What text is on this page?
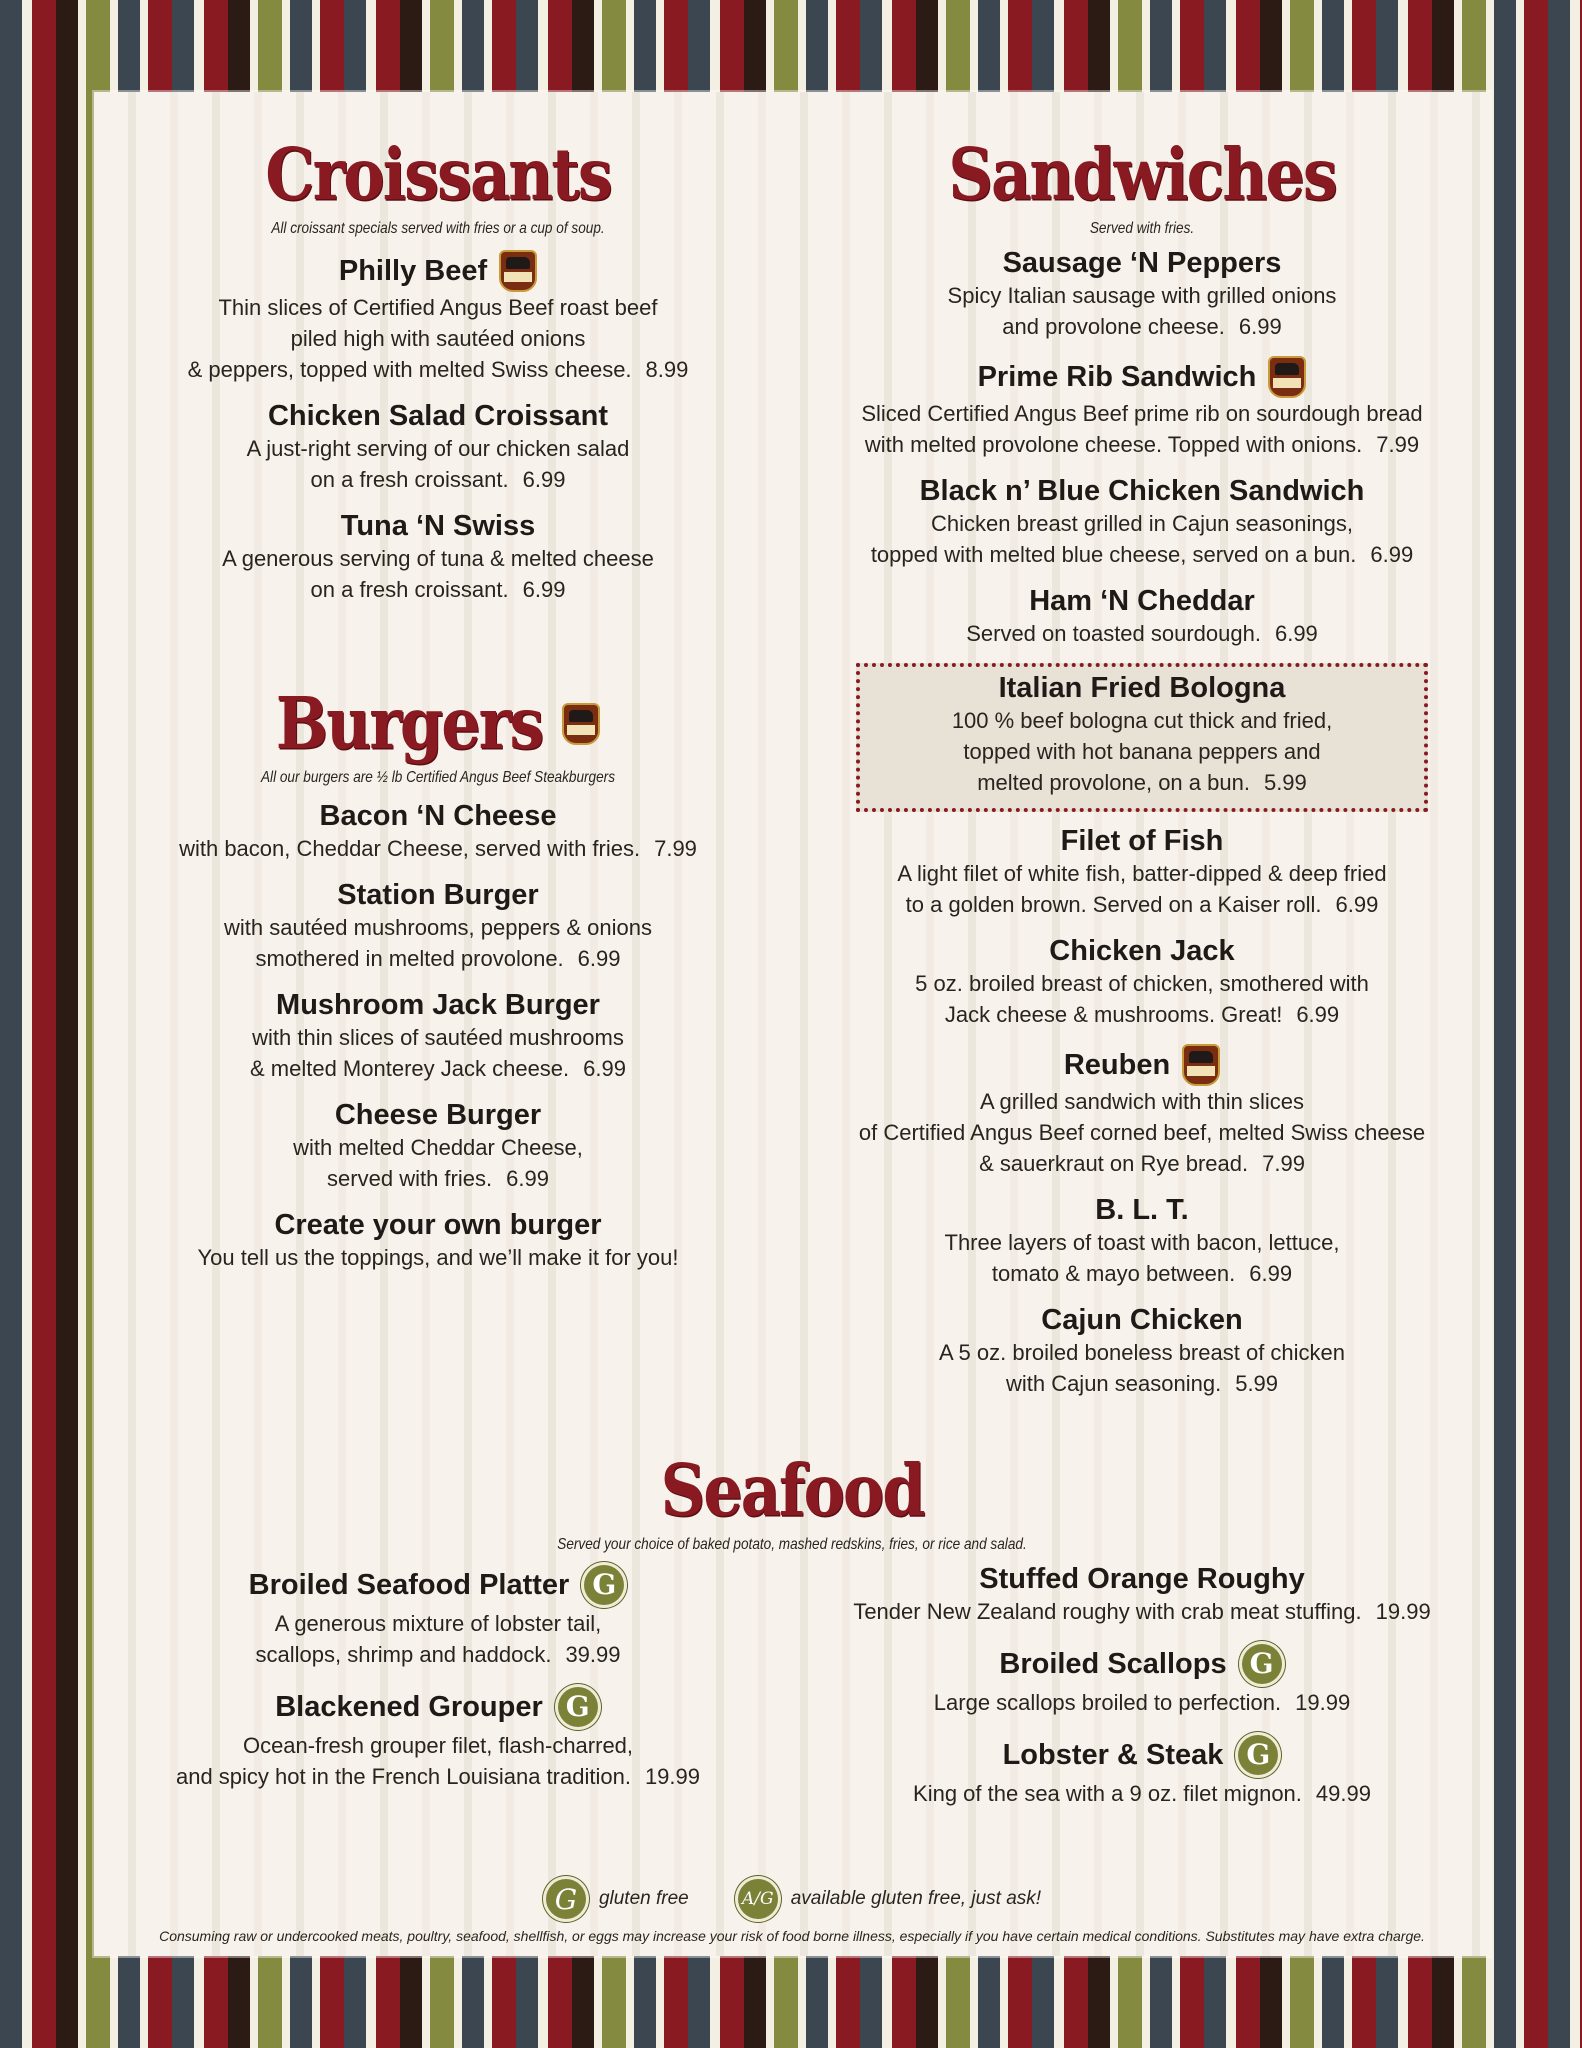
Croissants
All croissant specials served with fries or a cup of soup.
Philly Beef
Thin slices of Certified Angus Beef roast beef
piled high with sautéed onions
& peppers, topped with melted Swiss cheese. 8.99
Chicken Salad Croissant
A just-right serving of our chicken salad
on a fresh croissant. 6.99
Tuna ‘N Swiss
A generous serving of tuna & melted cheese
on a fresh croissant. 6.99
Burgers
All our burgers are ½ lb Certified Angus Beef Steakburgers
Bacon ‘N Cheese
with bacon, Cheddar Cheese, served with fries. 7.99
Station Burger
with sautéed mushrooms, peppers & onions
smothered in melted provolone. 6.99
Mushroom Jack Burger
with thin slices of sautéed mushrooms
& melted Monterey Jack cheese. 6.99
Cheese Burger
with melted Cheddar Cheese,
served with fries. 6.99
Create your own burger
You tell us the toppings, and we’ll make it for you!
Sandwiches
Served with fries.
Sausage ‘N Peppers
Spicy Italian sausage with grilled onions
and provolone cheese. 6.99
Prime Rib Sandwich
Sliced Certified Angus Beef prime rib on sourdough bread
with melted provolone cheese. Topped with onions. 7.99
Black n’ Blue Chicken Sandwich
Chicken breast grilled in Cajun seasonings,
topped with melted blue cheese, served on a bun. 6.99
Ham ‘N Cheddar
Served on toasted sourdough. 6.99
Italian Fried Bologna
100 % beef bologna cut thick and fried,
topped with hot banana peppers and
melted provolone, on a bun. 5.99
Filet of Fish
A light filet of white fish, batter-dipped & deep fried
to a golden brown. Served on a Kaiser roll. 6.99
Chicken Jack
5 oz. broiled breast of chicken, smothered with
Jack cheese & mushrooms. Great! 6.99
Reuben
A grilled sandwich with thin slices
of Certified Angus Beef corned beef, melted Swiss cheese
& sauerkraut on Rye bread. 7.99
B. L. T.
Three layers of toast with bacon, lettuce,
tomato & mayo between. 6.99
Cajun Chicken
A 5 oz. broiled boneless breast of chicken
with Cajun seasoning. 5.99
Seafood
Served your choice of baked potato, mashed redskins, fries, or rice and salad.
Broiled Seafood Platter G
A generous mixture of lobster tail,
scallops, shrimp and haddock. 39.99
Blackened Grouper G
Ocean-fresh grouper filet, flash-charred,
and spicy hot in the French Louisiana tradition. 19.99
Stuffed Orange Roughy
Tender New Zealand roughy with crab meat stuffing. 19.99
Broiled Scallops G
Large scallops broiled to perfection. 19.99
Lobster & Steak G
King of the sea with a 9 oz. filet mignon. 49.99
G	gluten free	A/G available gluten free, just ask!
Consuming raw or undercooked meats, poultry, seafood, shellfish, or eggs may increase your risk of food borne illness, especially if you have certain medical conditions. Substitutes may have extra charge.
